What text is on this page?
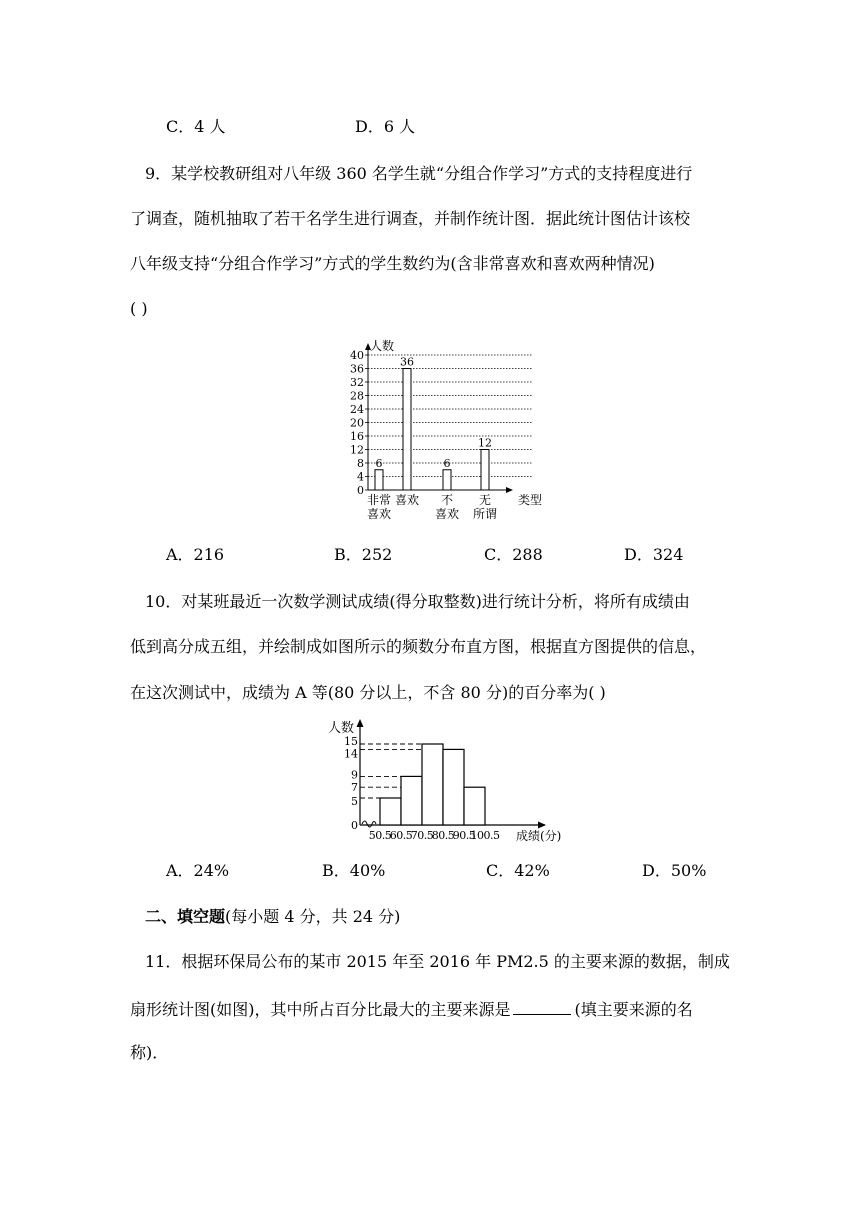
C．4 人	D．6 人
9．某学校教研组对八年级 360 名学生就“分组合作学习”方式的支持程度进行
了调查，随机抽取了若干名学生进行调查，并制作统计图．据此统计图估计该校
八年级支持“分组合作学习”方式的学生数约为(含非常喜欢和喜欢两种情况)
( )
0
4
8
12
16
20
24
28
32
36
40
人数
类型
6
非常
喜欢
36
喜欢
6
不
喜欢
12
无
所谓
A．216	B．252	C．288	D．324
10．对某班最近一次数学测试成绩(得分取整数)进行统计分析，将所有成绩由
低到高分成五组，并绘制成如图所示的频数分布直方图，根据直方图提供的信息，
在这次测试中，成绩为 A 等(80 分以上，不含 80 分)的百分率为( )
人数
0
5
7
9
14
15
50.5
60.5
70.5
80.5
90.5
100.5 成绩(分)
A．24%	B．40%	C．42%	D．50%
二、填空题(每小题 4 分，共 24 分)
11．根据环保局公布的某市 2015 年至 2016 年 PM2.5 的主要来源的数据，制成
扇形统计图(如图)，其中所占百分比最大的主要来源是	(填主要来源的名
称)．
